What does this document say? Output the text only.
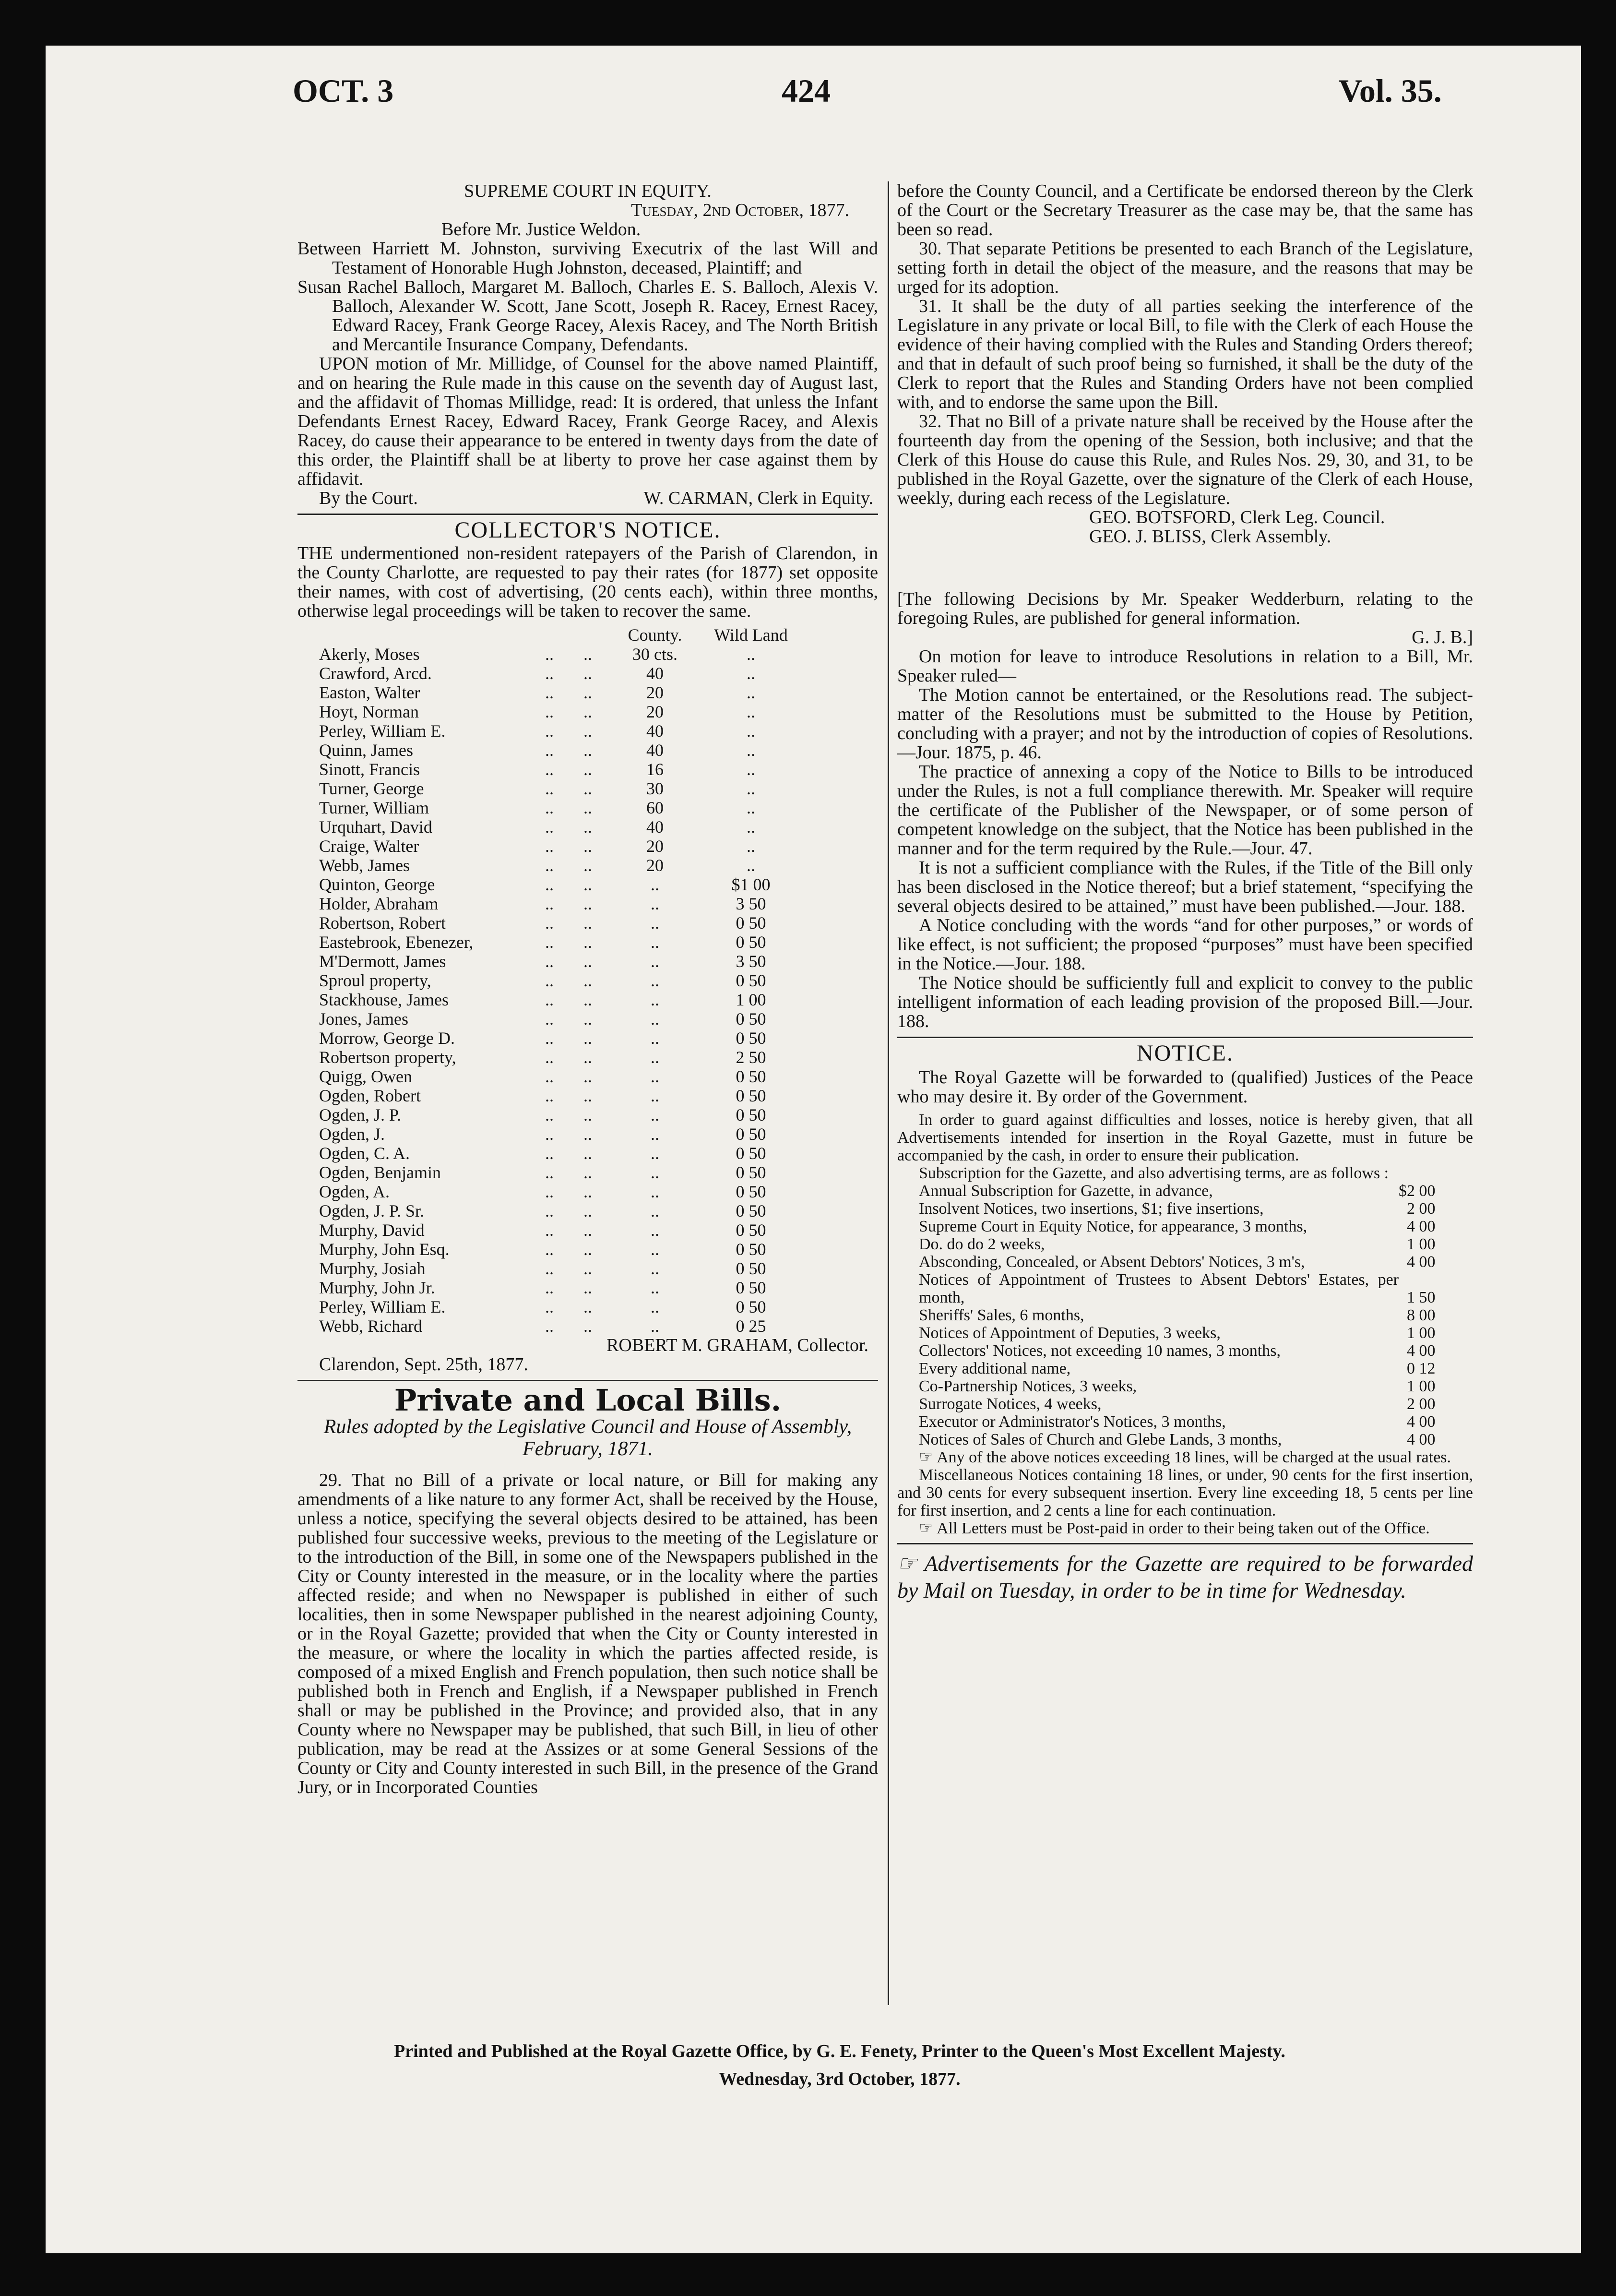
OCT. 3	424	Vol. 35.

SUPREME COURT IN EQUITY.

Tuesday, 2nd October, 1877.

Before Mr. Justice Weldon.

Between Harriett M. Johnston, surviving Executrix of the last Will and Testament of Honorable Hugh Johnston, deceased, Plaintiff; and

Susan Rachel Balloch, Margaret M. Balloch, Charles E. S. Balloch, Alexis V. Balloch, Alexander W. Scott, Jane Scott, Joseph R. Racey, Ernest Racey, Edward Racey, Frank George Racey, Alexis Racey, and The North British and Mercantile Insurance Company, Defendants.

UPON motion of Mr. Millidge, of Counsel for the above named Plaintiff, and on hearing the Rule made in this cause on the seventh day of August last, and the affidavit of Thomas Millidge, read: It is ordered, that unless the Infant Defendants Ernest Racey, Edward Racey, Frank George Racey, and Alexis Racey, do cause their appearance to be entered in twenty days from the date of this order, the Plaintiff shall be at liberty to prove her case against them by affidavit.

By the Court.	W. CARMAN, Clerk in Equity.

COLLECTOR'S NOTICE.

THE undermentioned non-resident ratepayers of the Parish of Clarendon, in the County Charlotte, are requested to pay their rates (for 1877) set opposite their names, with cost of advertising, (20 cents each), within three months, otherwise legal proceedings will be taken to recover the same.

			County.	Wild Land
Akerly, Moses	..	..	30 cts.	..
Crawford, Arcd.	..	..	40	..
Easton, Walter	..	..	20	..
Hoyt, Norman	..	..	20	..
Perley, William E.	..	..	40	..
Quinn, James	..	..	40	..
Sinott, Francis	..	..	16	..
Turner, George	..	..	30	..
Turner, William	..	..	60	..
Urquhart, David	..	..	40	..
Craige, Walter	..	..	20	..
Webb, James	..	..	20	..
Quinton, George	..	..	..	$1 00
Holder, Abraham	..	..	..	3 50
Robertson, Robert	..	..	..	0 50
Eastebrook, Ebenezer,	..	..	..	0 50
M'Dermott, James	..	..	..	3 50
Sproul property,	..	..	..	0 50
Stackhouse, James	..	..	..	1 00
Jones, James	..	..	..	0 50
Morrow, George D.	..	..	..	0 50
Robertson property,	..	..	..	2 50
Quigg, Owen	..	..	..	0 50
Ogden, Robert	..	..	..	0 50
Ogden, J. P.	..	..	..	0 50
Ogden, J.	..	..	..	0 50
Ogden, C. A.	..	..	..	0 50
Ogden, Benjamin	..	..	..	0 50
Ogden, A.	..	..	..	0 50
Ogden, J. P. Sr.	..	..	..	0 50
Murphy, David	..	..	..	0 50
Murphy, John Esq.	..	..	..	0 50
Murphy, Josiah	..	..	..	0 50
Murphy, John Jr.	..	..	..	0 50
Perley, William E.	..	..	..	0 50
Webb, Richard	..	..	..	0 25

ROBERT M. GRAHAM, Collector.

Clarendon, Sept. 25th, 1877.

Private and Local Bills.

Rules adopted by the Legislative Council and House of Assembly, February, 1871.

29. That no Bill of a private or local nature, or Bill for making any amendments of a like nature to any former Act, shall be received by the House, unless a notice, specifying the several objects desired to be attained, has been published four successive weeks, previous to the meeting of the Legislature or to the introduction of the Bill, in some one of the Newspapers published in the City or County interested in the measure, or in the locality where the parties affected reside; and when no Newspaper is published in either of such localities, then in some Newspaper published in the nearest adjoining County, or in the Royal Gazette; provided that when the City or County interested in the measure, or where the locality in which the parties affected reside, is composed of a mixed English and French population, then such notice shall be published both in French and English, if a Newspaper published in French shall or may be published in the Province; and provided also, that in any County where no Newspaper may be published, that such Bill, in lieu of other publication, may be read at the Assizes or at some General Sessions of the County or City and County interested in such Bill, in the presence of the Grand Jury, or in Incorporated Counties

before the County Council, and a Certificate be endorsed thereon by the Clerk of the Court or the Secretary Treasurer as the case may be, that the same has been so read.

30. That separate Petitions be presented to each Branch of the Legislature, setting forth in detail the object of the measure, and the reasons that may be urged for its adoption.

31. It shall be the duty of all parties seeking the interference of the Legislature in any private or local Bill, to file with the Clerk of each House the evidence of their having complied with the Rules and Standing Orders thereof; and that in default of such proof being so furnished, it shall be the duty of the Clerk to report that the Rules and Standing Orders have not been complied with, and to endorse the same upon the Bill.

32. That no Bill of a private nature shall be received by the House after the fourteenth day from the opening of the Session, both inclusive; and that the Clerk of this House do cause this Rule, and Rules Nos. 29, 30, and 31, to be published in the Royal Gazette, over the signature of the Clerk of each House, weekly, during each recess of the Legislature.

GEO. BOTSFORD, Clerk Leg. Council.

GEO. J. BLISS, Clerk Assembly.

[The following Decisions by Mr. Speaker Wedderburn, relating to the foregoing Rules, are published for general information.

G. J. B.]

On motion for leave to introduce Resolutions in relation to a Bill, Mr. Speaker ruled—

The Motion cannot be entertained, or the Resolutions read. The subject-matter of the Resolutions must be submitted to the House by Petition, concluding with a prayer; and not by the introduction of copies of Resolutions.—Jour. 1875, p. 46.

The practice of annexing a copy of the Notice to Bills to be introduced under the Rules, is not a full compliance therewith. Mr. Speaker will require the certificate of the Publisher of the Newspaper, or of some person of competent knowledge on the subject, that the Notice has been published in the manner and for the term required by the Rule.—Jour. 47.

It is not a sufficient compliance with the Rules, if the Title of the Bill only has been disclosed in the Notice thereof; but a brief statement, “specifying the several objects desired to be attained,” must have been published.—Jour. 188.

A Notice concluding with the words “and for other purposes,” or words of like effect, is not sufficient; the proposed “purposes” must have been specified in the Notice.—Jour. 188.

The Notice should be sufficiently full and explicit to convey to the public intelligent information of each leading provision of the proposed Bill.—Jour. 188.

NOTICE.

The Royal Gazette will be forwarded to (qualified) Justices of the Peace who may desire it. By order of the Government.

In order to guard against difficulties and losses, notice is hereby given, that all Advertisements intended for insertion in the Royal Gazette, must in future be accompanied by the cash, in order to ensure their publication.

Subscription for the Gazette, and also advertising terms, are as follows :

Annual Subscription for Gazette, in advance,	$2 00
Insolvent Notices, two insertions, $1; five insertions,	2 00
Supreme Court in Equity Notice, for appearance, 3 months,	4 00
Do. do do 2 weeks,	1 00
Absconding, Concealed, or Absent Debtors' Notices, 3 m's,	4 00
Notices of Appointment of Trustees to Absent Debtors' Estates, per month,	1 50
Sheriffs' Sales, 6 months,	8 00
Notices of Appointment of Deputies, 3 weeks,	1 00
Collectors' Notices, not exceeding 10 names, 3 months,	4 00
Every additional name,	0 12
Co-Partnership Notices, 3 weeks,	1 00
Surrogate Notices, 4 weeks,	2 00
Executor or Administrator's Notices, 3 months,	4 00
Notices of Sales of Church and Glebe Lands, 3 months,	4 00

☞ Any of the above notices exceeding 18 lines, will be charged at the usual rates.

Miscellaneous Notices containing 18 lines, or under, 90 cents for the first insertion, and 30 cents for every subsequent insertion. Every line exceeding 18, 5 cents per line for first insertion, and 2 cents a line for each continuation.

☞ All Letters must be Post-paid in order to their being taken out of the Office.

☞ Advertisements for the Gazette are required to be forwarded by Mail on Tuesday, in order to be in time for Wednesday.

Printed and Published at the Royal Gazette Office, by G. E. Fenety, Printer to the Queen's Most Excellent Majesty.
Wednesday, 3rd October, 1877.
